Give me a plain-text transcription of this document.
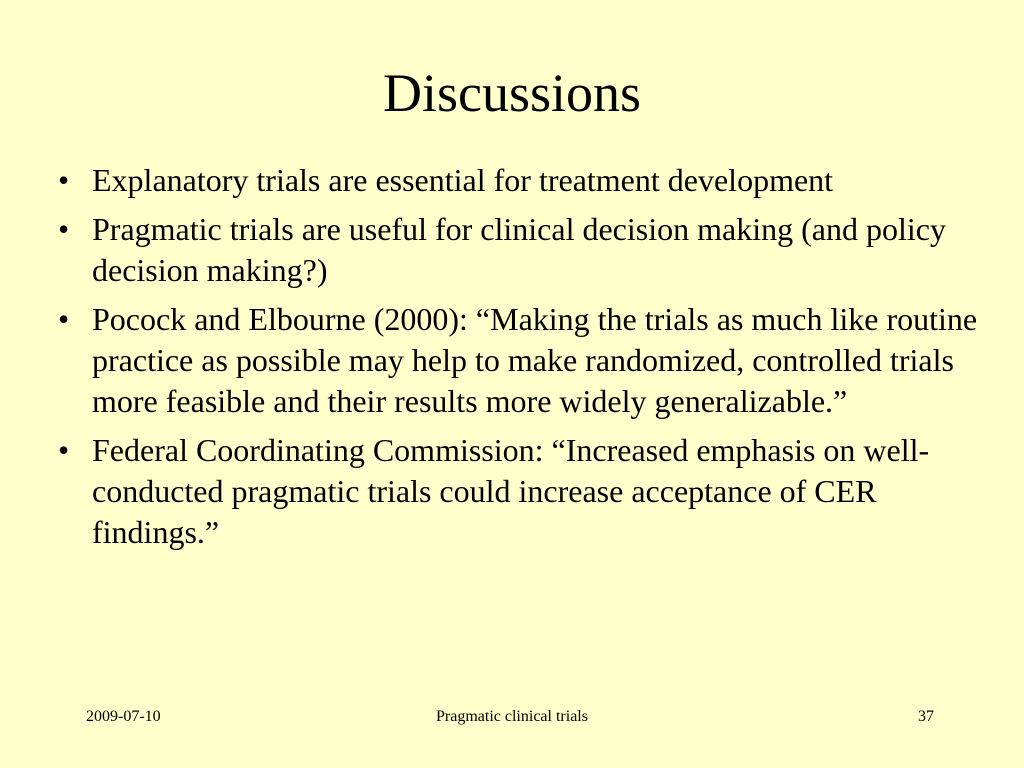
Discussions
• Explanatory trials are essential for treatment development
• Pragmatic trials are useful for clinical decision making (and policy decision making?)
• Pocock and Elbourne (2000): “Making the trials as much like routine practice as possible may help to make randomized, controlled trials more feasible and their results more widely generalizable.”
• Federal Coordinating Commission: “Increased emphasis on well-conducted pragmatic trials could increase acceptance of CER findings.”
2009-07-10	Pragmatic clinical trials	37
